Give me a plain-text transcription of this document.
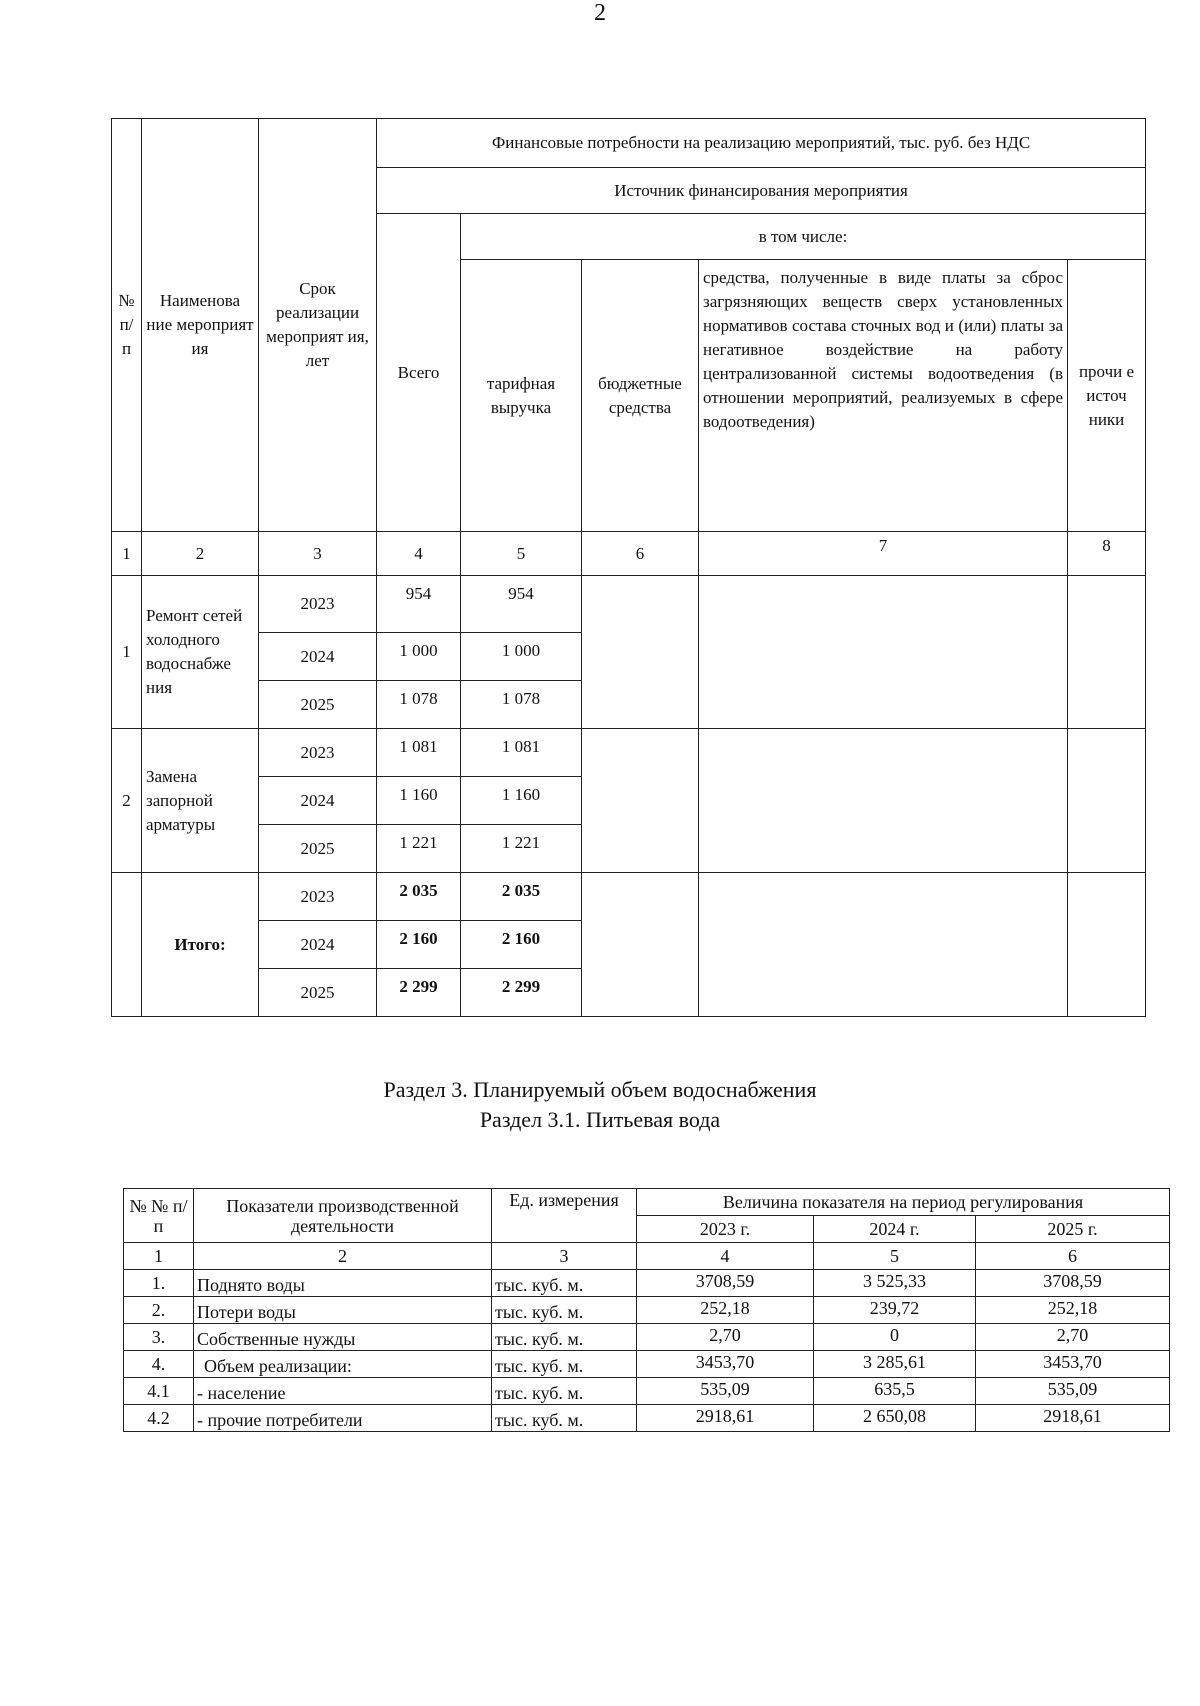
2
№ п/п	Наименова ние мероприят ия	Срок реализации мероприят ия, лет	Финансовые потребности на реализацию мероприятий, тыс. руб. без НДС				
			Источник финансирования мероприятия				
			Всего	в том числе:			
				тарифная выручка	бюджетные средства	средства, полученные в виде платы за сброс загрязняющих веществ сверх установленных нормативов состава сточных вод и (или) платы за негативное воздействие на работу централизованной системы водоотведения (в отношении мероприятий, реализуемых в сфере водоотведения)	прочи е источ ники
1	2	3	4	5	6	7	8
1	Ремонт сетей холодного водоснабже ния	2023	954	954			
		2024	1 000	1 000			
		2025	1 078	1 078			
2	Замена запорной арматуры	2023	1 081	1 081			
		2024	1 160	1 160			
		2025	1 221	1 221			
	Итого:	2023	2 035	2 035			
		2024	2 160	2 160			
		2025	2 299	2 299			
Раздел 3. Планируемый объем водоснабжения
Раздел 3.1. Питьевая вода
№ № п/п	Показатели производственной деятельности	Ед. измерения	Величина показателя на период регулирования		
			2023 г.	2024 г.	2025 г.
1	2	3	4	5	6
1.	Поднято воды	тыс. куб. м.	3708,59	3 525,33	3708,59
2.	Потери воды	тыс. куб. м.	252,18	239,72	252,18
3.	Собственные нужды	тыс. куб. м.	2,70	0	2,70
4.	Объем реализации:	тыс. куб. м.	3453,70	3 285,61	3453,70
4.1	- население	тыс. куб. м.	535,09	635,5	535,09
4.2	- прочие потребители	тыс. куб. м.	2918,61	2 650,08	2918,61
